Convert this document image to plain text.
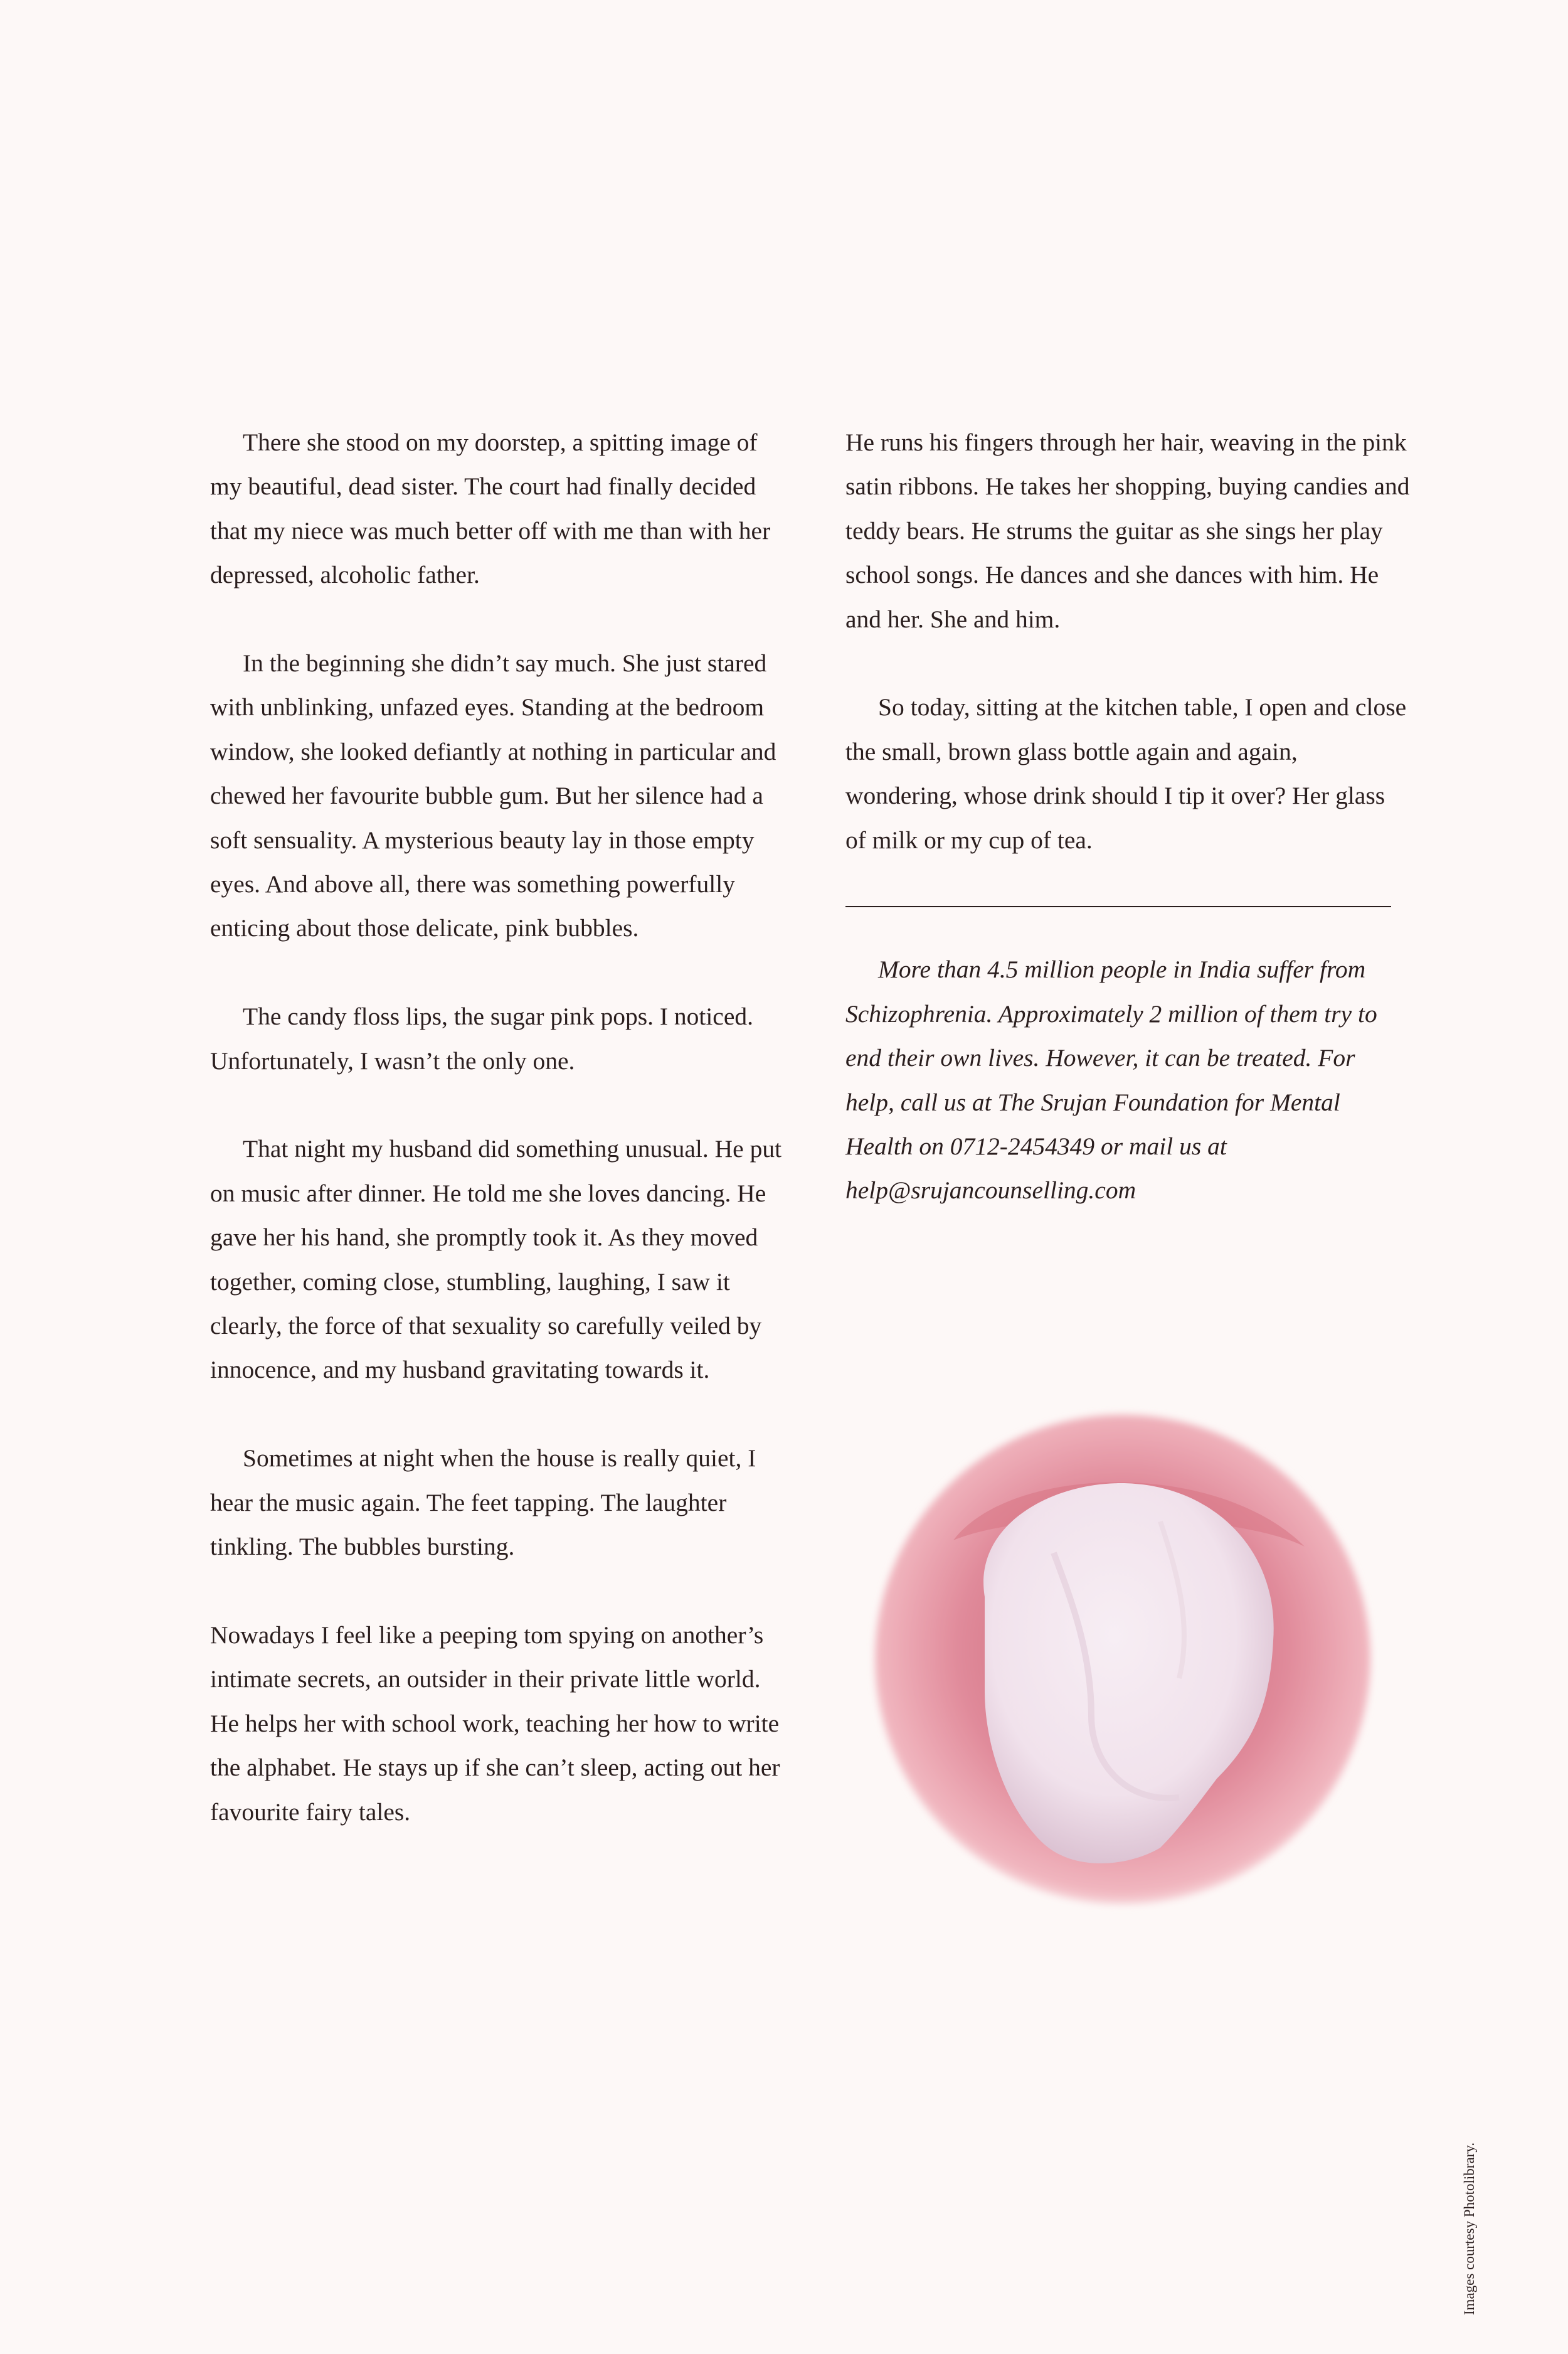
There she stood on my doorstep, a spitting image of my beautiful, dead sister. The court had finally decided that my niece was much better off with me than with her depressed, alcoholic father.

In the beginning she didn’t say much. She just stared with unblinking, unfazed eyes. Standing at the bedroom window, she looked defiantly at nothing in particular and chewed her favourite bubble gum. But her silence had a soft sensuality. A mysterious beauty lay in those empty eyes. And above all, there was something powerfully enticing about those delicate, pink bubbles.

The candy floss lips, the sugar pink pops. I noticed. Unfortunately, I wasn’t the only one.

That night my husband did something unusual. He put on music after dinner. He told me she loves dancing. He gave her his hand, she promptly took it. As they moved together, coming close, stumbling, laughing, I saw it clearly, the force of that sexuality so carefully veiled by innocence, and my husband gravitating towards it.

Sometimes at night when the house is really quiet, I hear the music again. The feet tapping. The laughter tinkling. The bubbles bursting.

Nowadays I feel like a peeping tom spying on another’s intimate secrets, an outsider in their private little world. He helps her with school work, teaching her how to write the alphabet. He stays up if she can’t sleep, acting out her favourite fairy tales.

He runs his fingers through her hair, weaving in the pink satin ribbons. He takes her shopping, buying candies and teddy bears. He strums the guitar as she sings her play school songs. He dances and she dances with him. He and her. She and him.

So today, sitting at the kitchen table, I open and close the small, brown glass bottle again and again, wondering, whose drink should I tip it over? Her glass of milk or my cup of tea.

More than 4.5 million people in India suffer from Schizophrenia. Approximately 2 million of them try to end their own lives. However, it can be treated. For help, call us at The Srujan Foundation for Mental Health on 0712-2454349 or mail us at help@srujancounselling.com

Images courtesy Photolibrary.
